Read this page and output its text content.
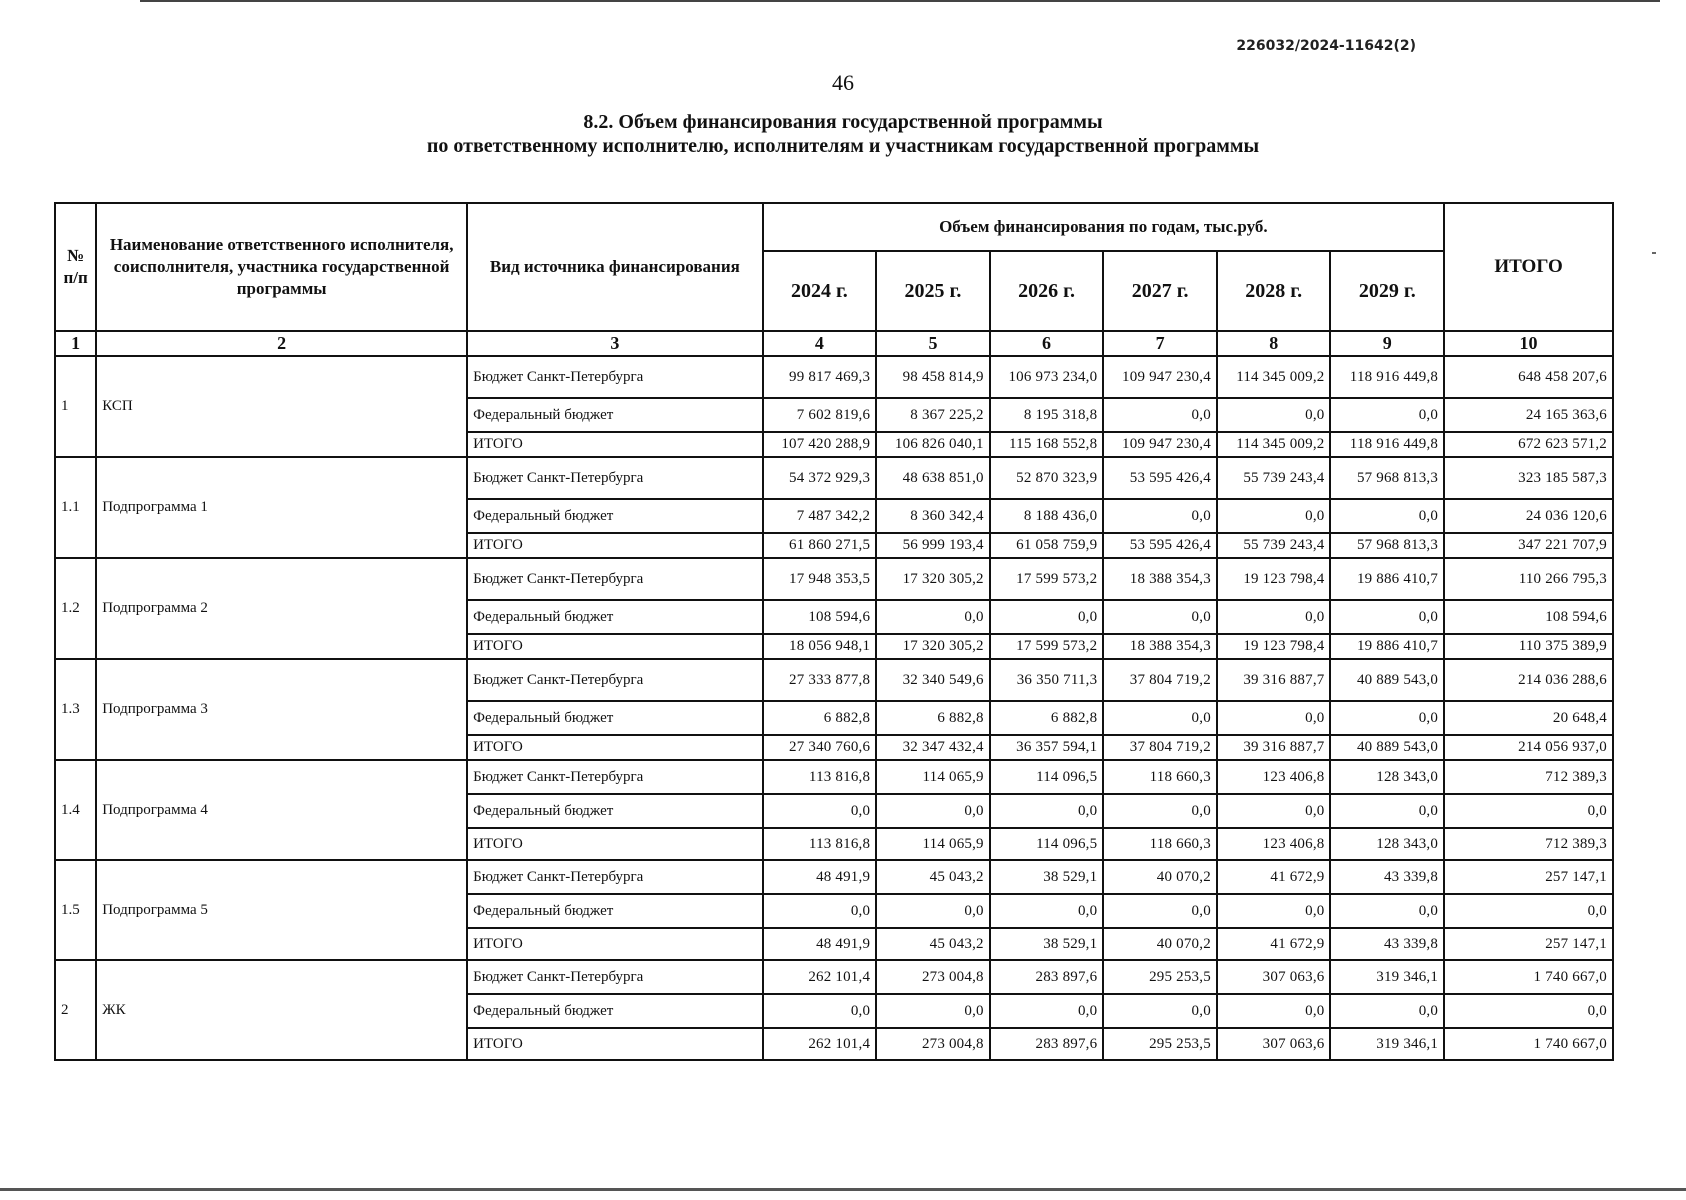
226032/2024-11642(2)
46
8.2. Объем финансирования государственной программы
по ответственному исполнителю, исполнителям и участникам государственной программы
№ п/п	Наименование ответственного исполнителя, соисполнителя, участника государственной программы	Вид источника финансирования	Объем финансирования по годам, тыс.руб.						ИТОГО
			2024 г.	2025 г.	2026 г.	2027 г.	2028 г.	2029 г.	
1	2	3	4	5	6	7	8	9	10
1	КСП	Бюджет Санкт-Петербурга	99 817 469,3	98 458 814,9	106 973 234,0	109 947 230,4	114 345 009,2	118 916 449,8	648 458 207,6
		Федеральный бюджет	7 602 819,6	8 367 225,2	8 195 318,8	0,0	0,0	0,0	24 165 363,6
		ИТОГО	107 420 288,9	106 826 040,1	115 168 552,8	109 947 230,4	114 345 009,2	118 916 449,8	672 623 571,2
1.1	Подпрограмма 1	Бюджет Санкт-Петербурга	54 372 929,3	48 638 851,0	52 870 323,9	53 595 426,4	55 739 243,4	57 968 813,3	323 185 587,3
		Федеральный бюджет	7 487 342,2	8 360 342,4	8 188 436,0	0,0	0,0	0,0	24 036 120,6
		ИТОГО	61 860 271,5	56 999 193,4	61 058 759,9	53 595 426,4	55 739 243,4	57 968 813,3	347 221 707,9
1.2	Подпрограмма 2	Бюджет Санкт-Петербурга	17 948 353,5	17 320 305,2	17 599 573,2	18 388 354,3	19 123 798,4	19 886 410,7	110 266 795,3
		Федеральный бюджет	108 594,6	0,0	0,0	0,0	0,0	0,0	108 594,6
		ИТОГО	18 056 948,1	17 320 305,2	17 599 573,2	18 388 354,3	19 123 798,4	19 886 410,7	110 375 389,9
1.3	Подпрограмма 3	Бюджет Санкт-Петербурга	27 333 877,8	32 340 549,6	36 350 711,3	37 804 719,2	39 316 887,7	40 889 543,0	214 036 288,6
		Федеральный бюджет	6 882,8	6 882,8	6 882,8	0,0	0,0	0,0	20 648,4
		ИТОГО	27 340 760,6	32 347 432,4	36 357 594,1	37 804 719,2	39 316 887,7	40 889 543,0	214 056 937,0
1.4	Подпрограмма 4	Бюджет Санкт-Петербурга	113 816,8	114 065,9	114 096,5	118 660,3	123 406,8	128 343,0	712 389,3
		Федеральный бюджет	0,0	0,0	0,0	0,0	0,0	0,0	0,0
		ИТОГО	113 816,8	114 065,9	114 096,5	118 660,3	123 406,8	128 343,0	712 389,3
1.5	Подпрограмма 5	Бюджет Санкт-Петербурга	48 491,9	45 043,2	38 529,1	40 070,2	41 672,9	43 339,8	257 147,1
		Федеральный бюджет	0,0	0,0	0,0	0,0	0,0	0,0	0,0
		ИТОГО	48 491,9	45 043,2	38 529,1	40 070,2	41 672,9	43 339,8	257 147,1
2	ЖК	Бюджет Санкт-Петербурга	262 101,4	273 004,8	283 897,6	295 253,5	307 063,6	319 346,1	1 740 667,0
		Федеральный бюджет	0,0	0,0	0,0	0,0	0,0	0,0	0,0
		ИТОГО	262 101,4	273 004,8	283 897,6	295 253,5	307 063,6	319 346,1	1 740 667,0
